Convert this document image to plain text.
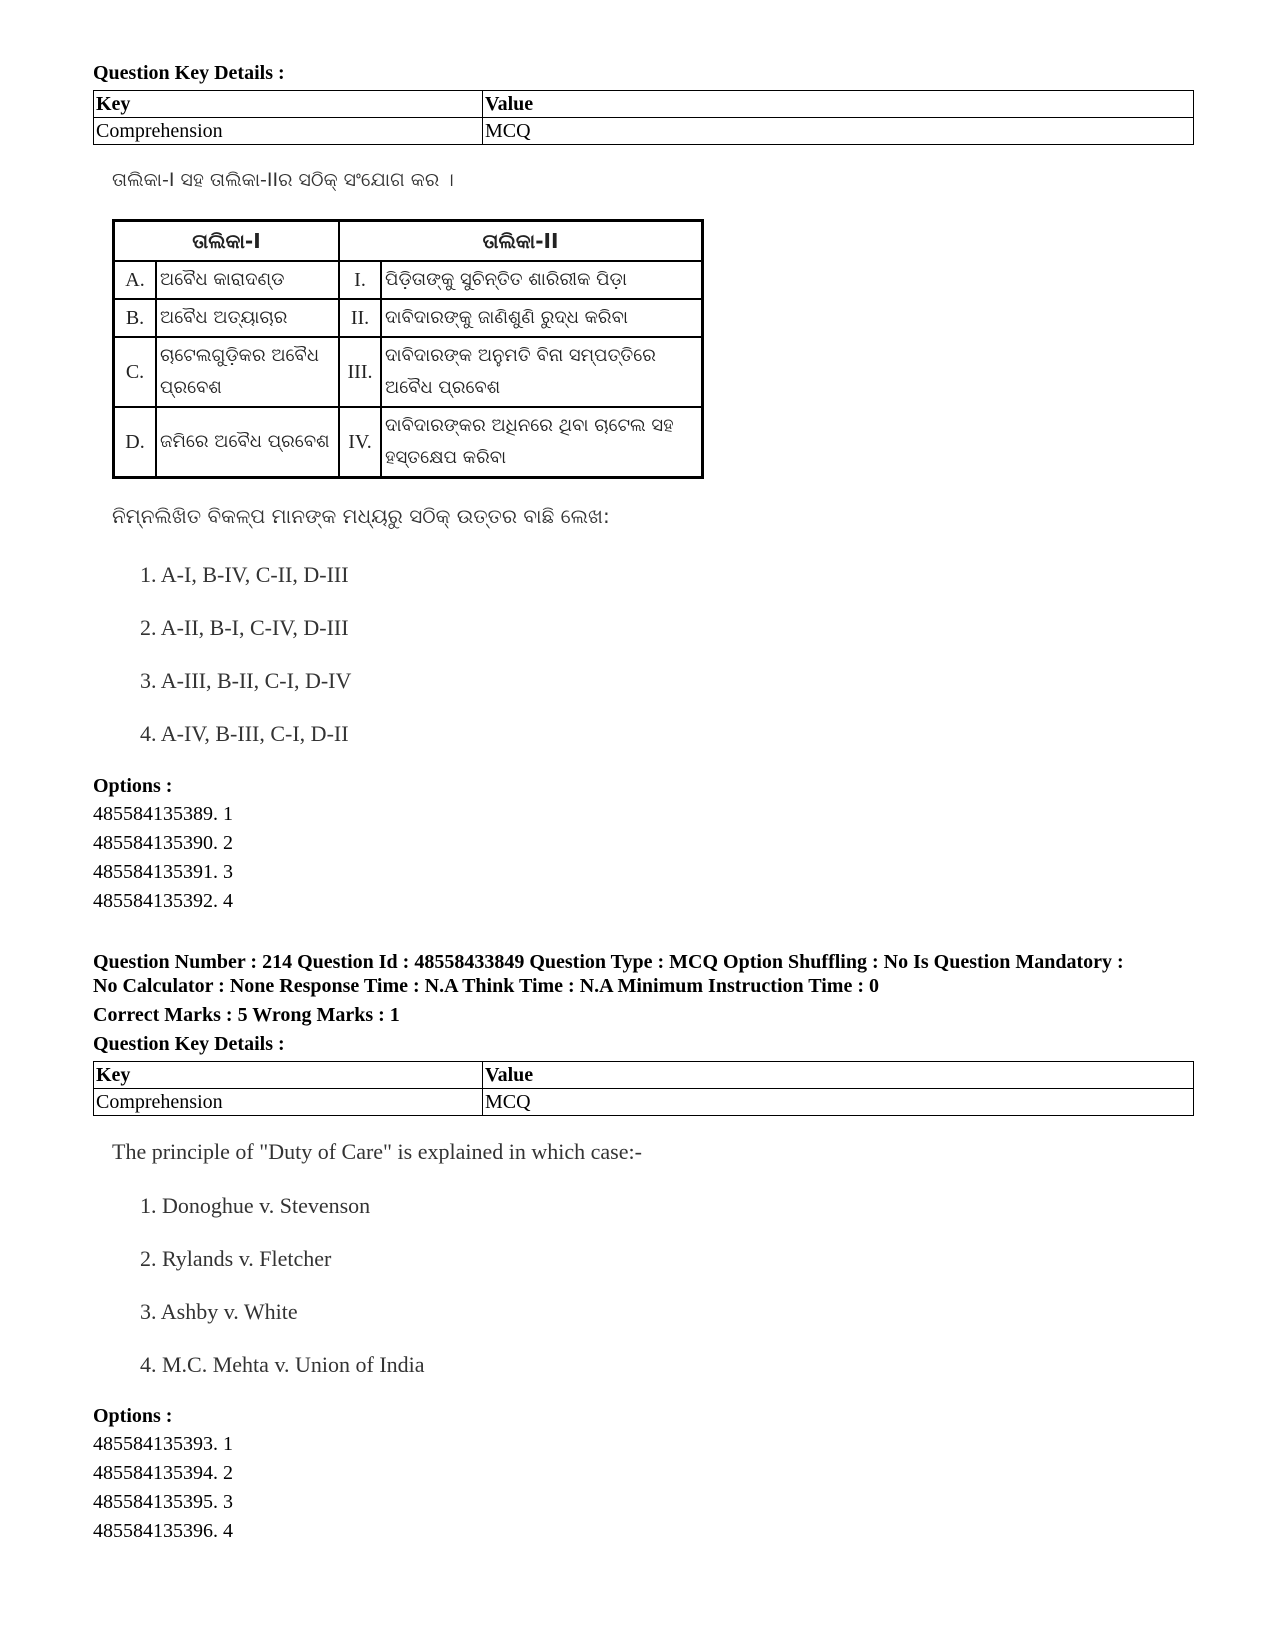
Question Key Details :
Key	Value
Comprehension	MCQ
ତାଲିକା-I ସହ ତାଲିକା-IIର ସଠିକ୍ ସଂଯୋଗ କର ।
ତାଲିକା-I		ତାଲିକା-II	
A.	ଅବୈଧ କାରାଦଣ୍ଡ	I.	ପିଡ଼ିତାଙ୍କୁ ସୁଚିନ୍ତିତ ଶାରିରୀକ ପିଡ଼ା
B.	ଅବୈଧ ଅତ୍ୟାଚାର	II.	ଦାବିଦାରଙ୍କୁ ଜାଣିଶୁଣି ରୁଦ୍ଧ କରିବା
C.	ଚାଟେଲଗୁଡ଼ିକର ଅବୈଧ ପ୍ରବେଶ	III.	ଦାବିଦାରଙ୍କ ଅନୁମତି ବିନା ସମ୍ପତ୍ତିରେ ଅବୈଧ ପ୍ରବେଶ
D.	ଜମିରେ ଅବୈଧ ପ୍ରବେଶ	IV.	ଦାବିଦାରଙ୍କର ଅଧିନରେ ଥିବା ଚାଟେଲ ସହ ହସ୍ତକ୍ଷେପ କରିବା
ନିମ୍ନଲିଖିତ ବିକଳ୍ପ ମାନଙ୍କ ମଧ୍ୟରୁ ସଠିକ୍ ଉତ୍ତର ବାଛି ଲେଖ:
1. A-I, B-IV, C-II, D-III
2. A-II, B-I, C-IV, D-III
3. A-III, B-II, C-I, D-IV
4. A-IV, B-III, C-I, D-II
Options :
485584135389. 1
485584135390. 2
485584135391. 3
485584135392. 4
Question Number : 214 Question Id : 48558433849 Question Type : MCQ Option Shuffling : No Is Question Mandatory :
No Calculator : None Response Time : N.A Think Time : N.A Minimum Instruction Time : 0
Correct Marks : 5 Wrong Marks : 1
Question Key Details :
Key	Value
Comprehension	MCQ
The principle of "Duty of Care" is explained in which case:-
1. Donoghue v. Stevenson
2. Rylands v. Fletcher
3. Ashby v. White
4. M.C. Mehta v. Union of India
Options :
485584135393. 1
485584135394. 2
485584135395. 3
485584135396. 4
